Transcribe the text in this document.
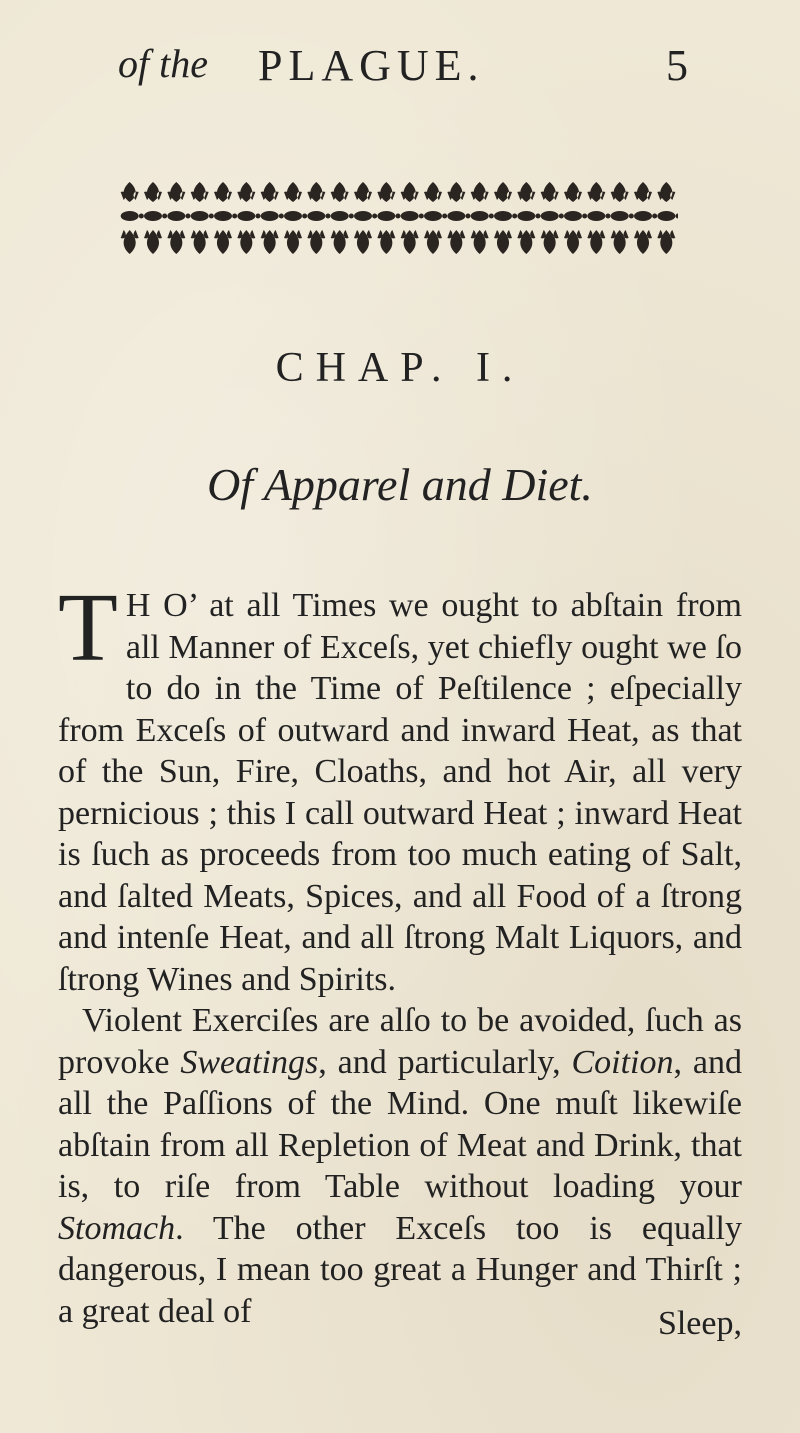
of the PLAGUE.	5
CHAP. I.
Of Apparel and Diet.

T H O’ at all Times we ought to abſtain from all Manner of Exceſs, yet chiefly ought we ſo to do in the Time of Peſtilence ; eſpecially from Exceſs of outward and inward Heat, as that of the Sun, Fire, Cloaths, and hot Air, all very pernicious ; this I call outward Heat ; inward Heat is ſuch as proceeds from too much eating of Salt, and ſalted Meats, Spices, and all Food of a ſtrong and intenſe Heat, and all ſtrong Malt Liquors, and ſtrong Wines and Spirits.

Violent Exerciſes are alſo to be avoided, ſuch as provoke Sweatings, and particularly, Coition, and all the Paſſions of the Mind. One muſt likewiſe abſtain from all Repletion of Meat and Drink, that is, to riſe from Table without loading your Stomach. The other Exceſs too is equally dangerous, I mean too great a Hunger and Thirſt ; a great deal of	Sleep,
